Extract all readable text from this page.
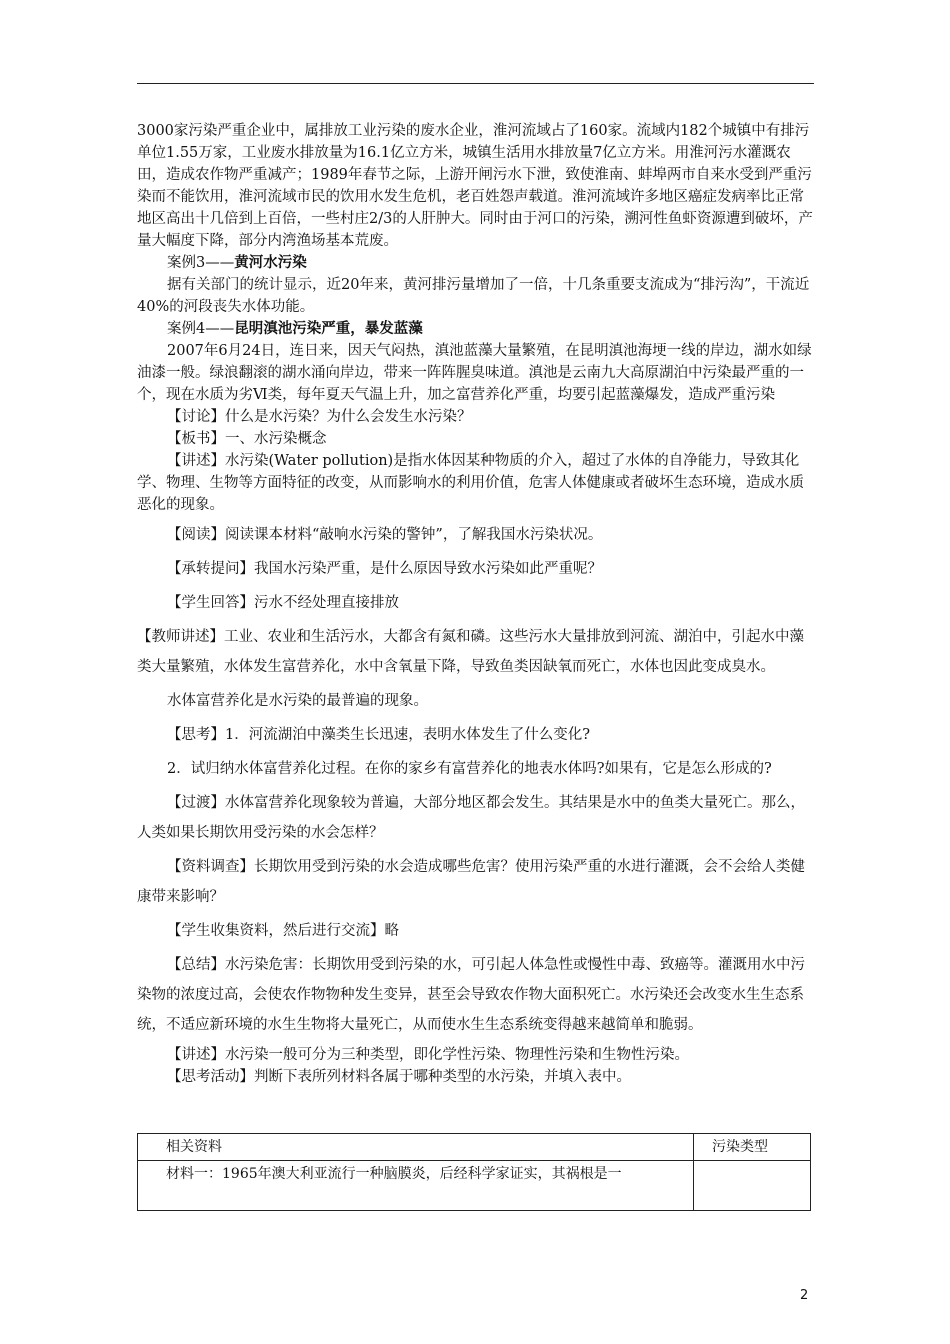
3000家污染严重企业中，属排放工业污染的废水企业，淮河流域占了160家。流域内182个城镇中有排污单位1.55万家，工业废水排放量为16.1亿立方米，城镇生活用水排放量7亿立方米。用淮河污水灌溉农田，造成农作物严重减产；1989年春节之际，上游开闸污水下泄，致使淮南、蚌埠两市自来水受到严重污染而不能饮用，淮河流域市民的饮用水发生危机，老百姓怨声载道。淮河流域许多地区癌症发病率比正常地区高出十几倍到上百倍，一些村庄2/3的人肝肿大。同时由于河口的污染，溯河性鱼虾资源遭到破坏，产量大幅度下降，部分内湾渔场基本荒废。

案例3——黄河水污染

据有关部门的统计显示，近20年来，黄河排污量增加了一倍，十几条重要支流成为“排污沟”，干流近40%的河段丧失水体功能。

案例4——昆明滇池污染严重，暴发蓝藻

2007年6月24日，连日来，因天气闷热，滇池蓝藻大量繁殖，在昆明滇池海埂一线的岸边，湖水如绿油漆一般。绿浪翻滚的湖水涌向岸边，带来一阵阵腥臭味道。滇池是云南九大高原湖泊中污染最严重的一个，现在水质为劣Ⅵ类，每年夏天气温上升，加之富营养化严重，均要引起蓝藻爆发，造成严重污染

【讨论】什么是水污染？为什么会发生水污染？

【板书】一、水污染概念

【讲述】水污染(Water pollution)是指水体因某种物质的介入，超过了水体的自净能力，导致其化学、物理、生物等方面特征的改变，从而影响水的利用价值，危害人体健康或者破坏生态环境，造成水质恶化的现象。

【阅读】阅读课本材料“敲响水污染的警钟”，了解我国水污染状况。

【承转提问】我国水污染严重，是什么原因导致水污染如此严重呢？

【学生回答】污水不经处理直接排放

【教师讲述】工业、农业和生活污水，大都含有氮和磷。这些污水大量排放到河流、湖泊中，引起水中藻类大量繁殖，水体发生富营养化，水中含氧量下降，导致鱼类因缺氧而死亡，水体也因此变成臭水。

水体富营养化是水污染的最普遍的现象。

【思考】1．河流湖泊中藻类生长迅速，表明水体发生了什么变化?

2．试归纳水体富营养化过程。在你的家乡有富营养化的地表水体吗?如果有，它是怎么形成的?

【过渡】水体富营养化现象较为普遍，大部分地区都会发生。其结果是水中的鱼类大量死亡。那么，人类如果长期饮用受污染的水会怎样？

【资料调查】长期饮用受到污染的水会造成哪些危害？使用污染严重的水进行灌溉，会不会给人类健康带来影响？

【学生收集资料，然后进行交流】略

【总结】水污染危害：长期饮用受到污染的水，可引起人体急性或慢性中毒、致癌等。灌溉用水中污染物的浓度过高，会使农作物物种发生变异，甚至会导致农作物大面积死亡。水污染还会改变水生生态系统，不适应新环境的水生生物将大量死亡，从而使水生生态系统变得越来越简单和脆弱。

【讲述】水污染一般可分为三种类型，即化学性污染、物理性污染和生物性污染。

【思考活动】判断下表所列材料各属于哪种类型的水污染，并填入表中。

相关资料	污染类型
材料一：1965年澳大利亚流行一种脑膜炎，后经科学家证实，其祸根是一	
2
